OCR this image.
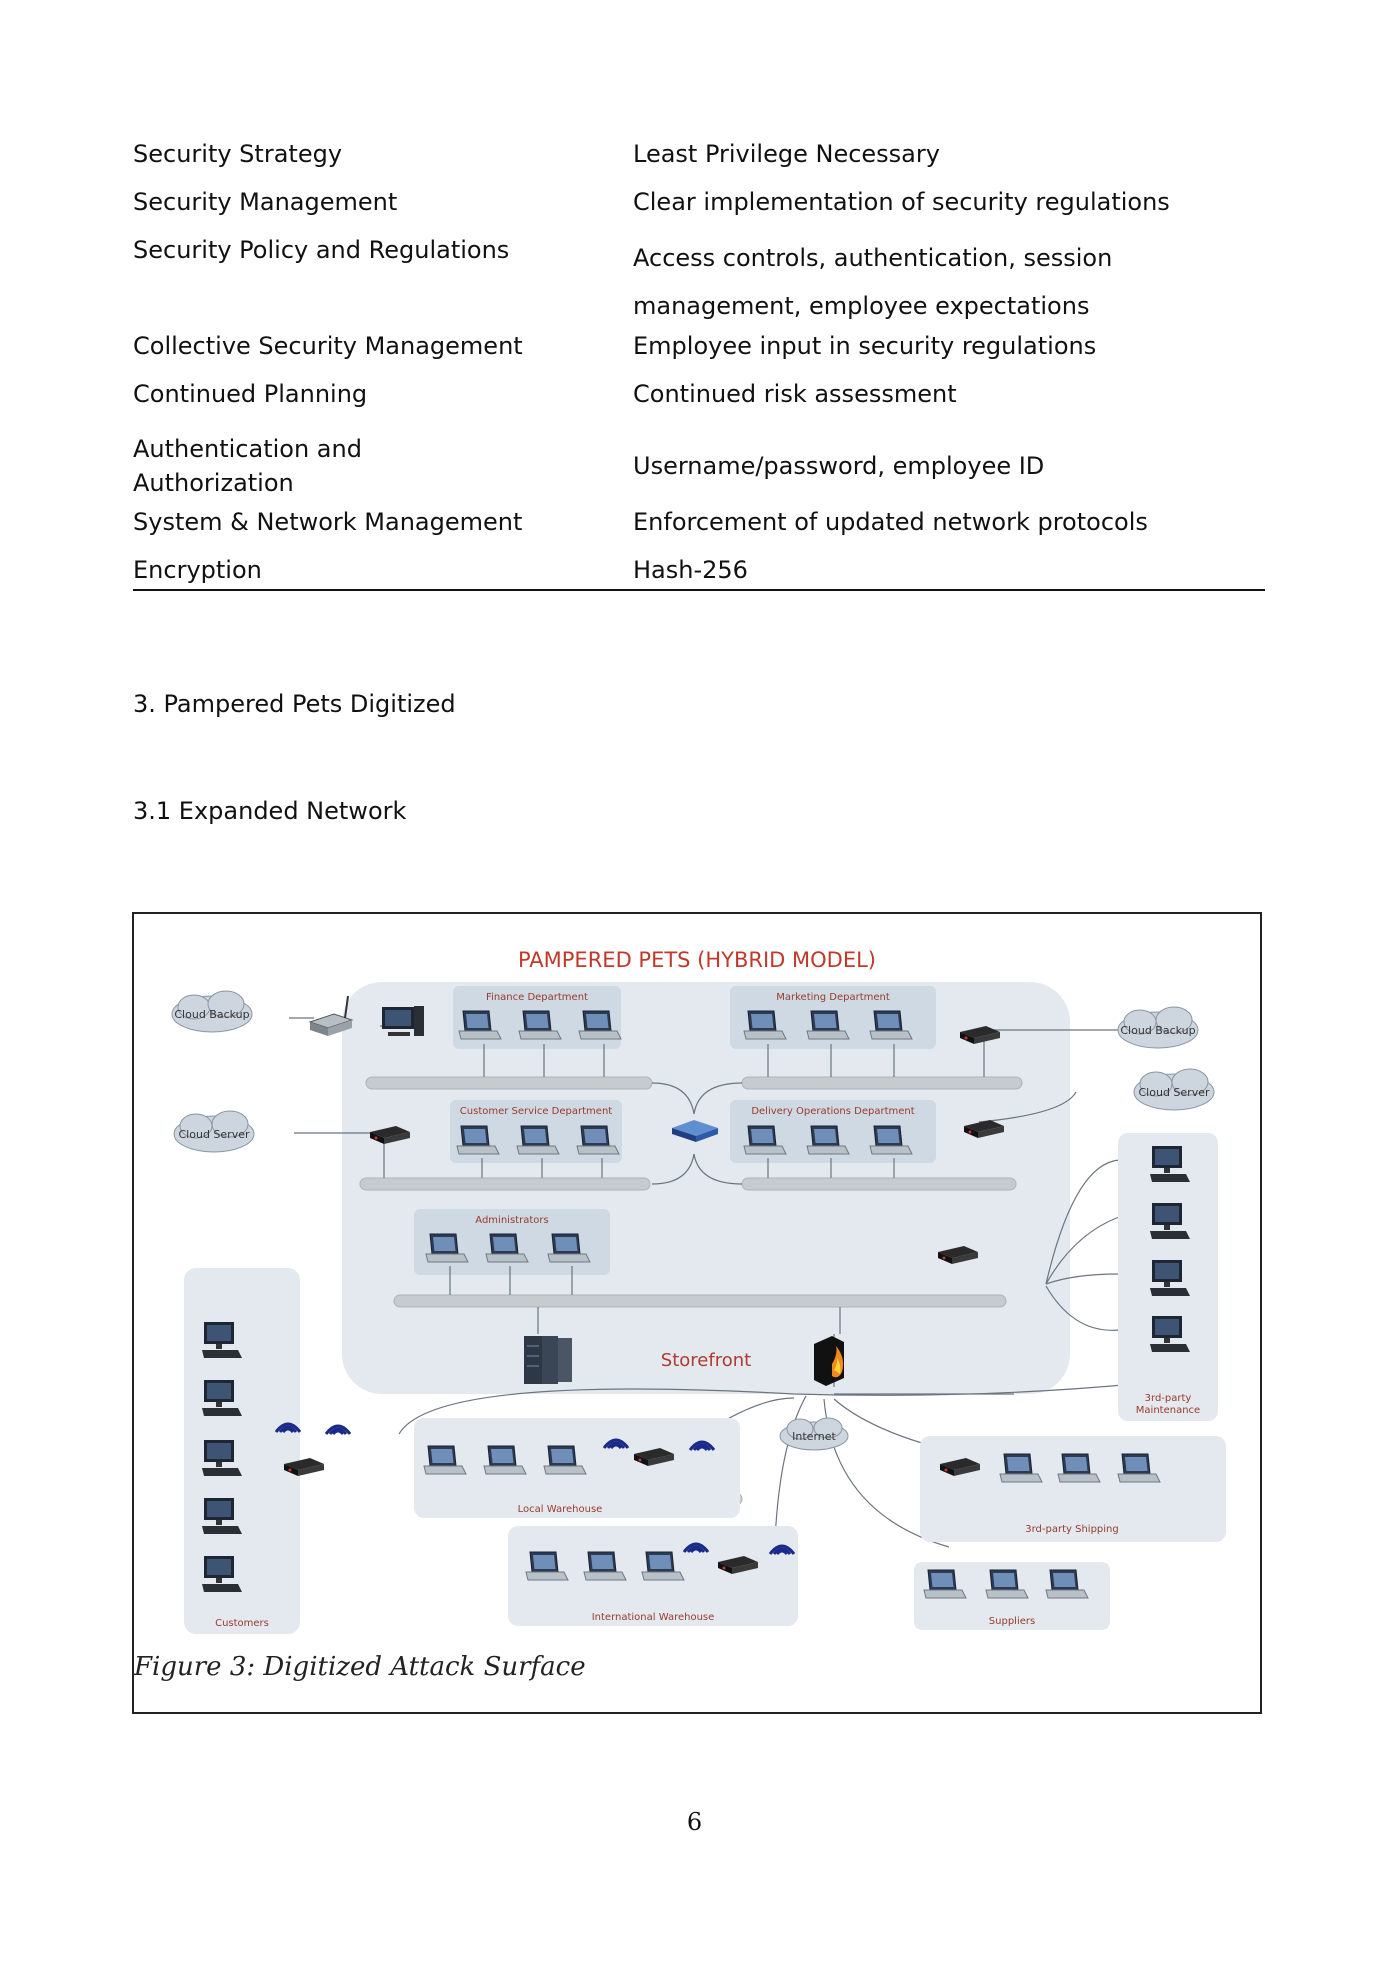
Security Strategy	Least Privilege Necessary
Security Management	Clear implementation of security regulations
Security Policy and Regulations	Access controls, authentication, session management, employee expectations
Collective Security Management	Employee input in security regulations
Continued Planning	Continued risk assessment
Authentication and Authorization	Username/password, employee ID
System & Network Management	Enforcement of updated network protocols
Encryption	Hash-256
3. Pampered Pets Digitized
3.1 Expanded Network
PAMPERED PETS (HYBRID MODEL)
Finance Department	Marketing Department
Customer Service Department	Delivery Operations Department
Administrators
Cloud Backup
Cloud Server
Cloud Backup
Cloud Server
Internet
Storefront
3rd-party
Maintenance
Customers
Local Warehouse
International Warehouse
3rd-party Shipping
Suppliers
Figure 3: Digitized Attack Surface
6
